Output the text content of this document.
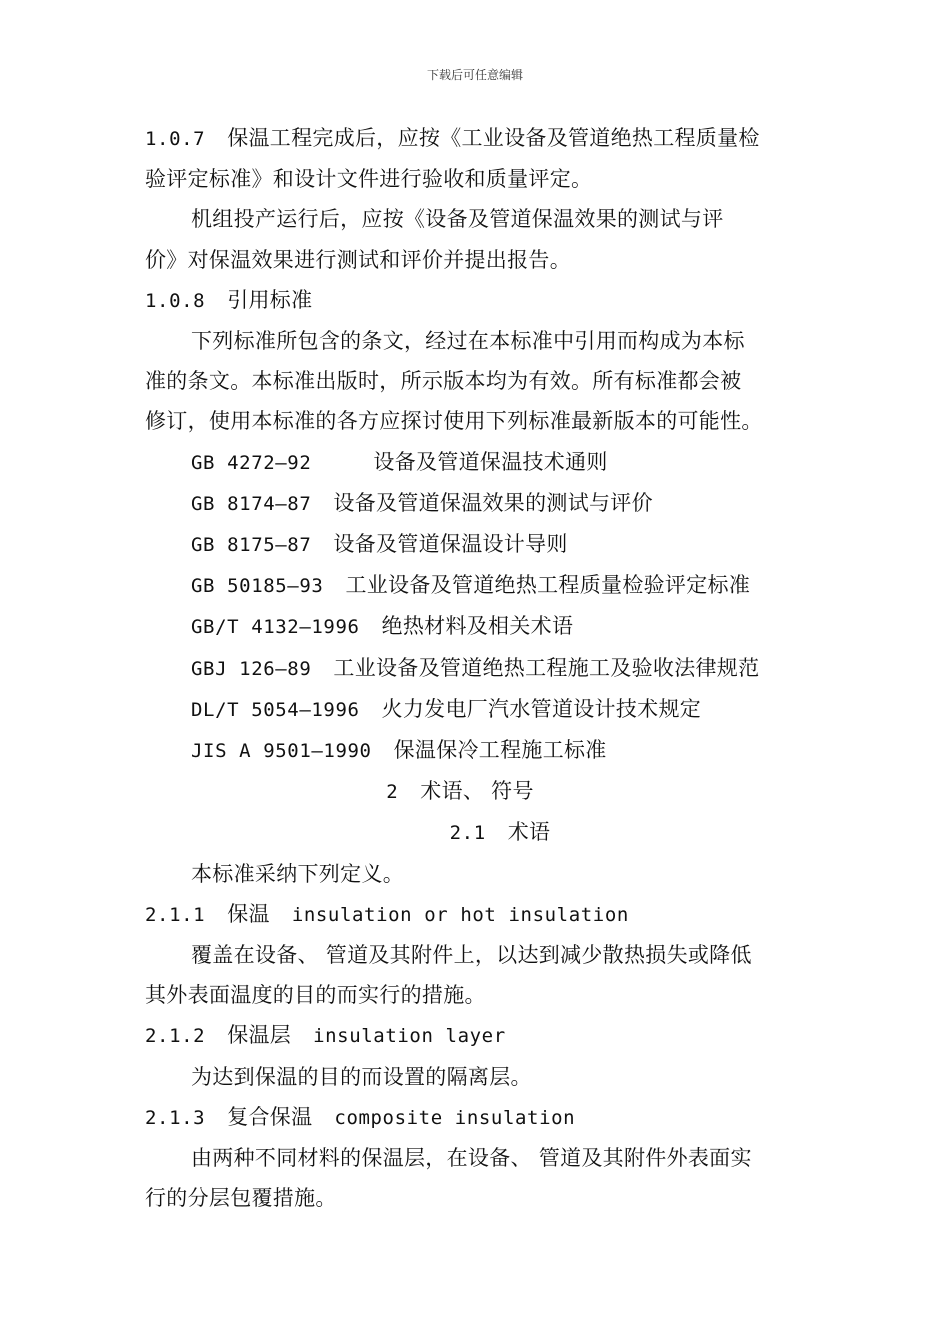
下载后可任意编辑

1.0.7 保温工程完成后，应按《工业设备及管道绝热工程质量检

验评定标准》和设计文件进行验收和质量评定。

机组投产运行后，应按《设备及管道保温效果的测试与评

价》对保温效果进行测试和评价并提出报告。

1.0.8 引用标准

下列标准所包含的条文，经过在本标准中引用而构成为本标

准的条文。本标准出版时，所示版本均为有效。所有标准都会被

修订，使用本标准的各方应探讨使用下列标准最新版本的可能性。

GB 4272—92	设备及管道保温技术通则

GB 8174—87 设备及管道保温效果的测试与评价

GB 8175—87 设备及管道保温设计导则

GB 50185—93 工业设备及管道绝热工程质量检验评定标准

GB/T 4132—1996 绝热材料及相关术语

GBJ 126—89 工业设备及管道绝热工程施工及验收法律规范

DL/T 5054—1996 火力发电厂汽水管道设计技术规定

JIS A 9501—1990 保温保冷工程施工标准

2 术语、 符号

2.1 术语

本标准采纳下列定义。

2.1.1 保温 insulation or hot insulation

覆盖在设备、 管道及其附件上，以达到减少散热损失或降低

其外表面温度的目的而实行的措施。

2.1.2 保温层 insulation layer

为达到保温的目的而设置的隔离层。

2.1.3 复合保温 composite insulation

由两种不同材料的保温层，在设备、 管道及其附件外表面实

行的分层包覆措施。
